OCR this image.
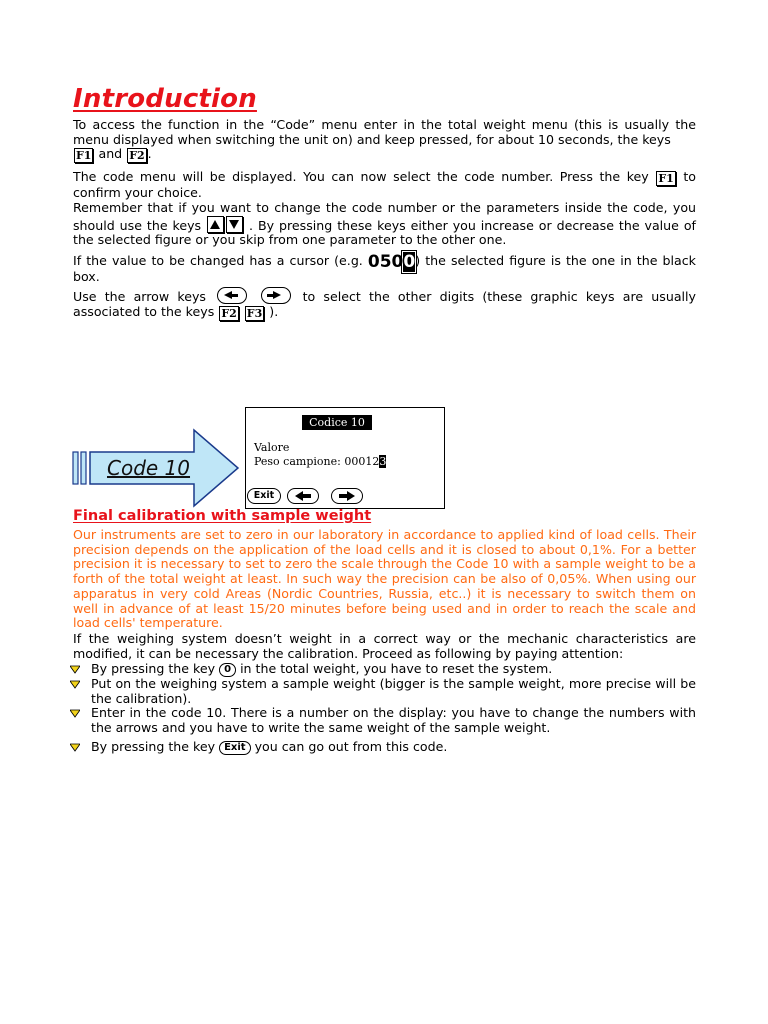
Introduction
To access the function in the “Code” menu enter in the total weight menu (this is usually the menu displayed when switching the unit on) and keep pressed, for about 10 seconds, the keys
F1 and F2 .
The code menu will be displayed. You can now select the code number. Press the key F1 to confirm your choice.
Remember that if you want to change the code number or the parameters inside the code, you should use the keys	. By pressing these keys either you increase or decrease the value of the selected figure or you skip from one parameter to the other one.
If the value to be changed has a cursor (e.g. 0500) the selected figure is the one in the black box.
Use the arrow keys	to select the other digits (these graphic keys are usually associated to the keys F2 F3 ).
Code 10
Codice 10
Valore
Peso campione: 000123
Exit
Final calibration with sample weight
Our instruments are set to zero in our laboratory in accordance to applied kind of load cells. Their precision depends on the application of the load cells and it is closed to about 0,1%. For a better precision it is necessary to set to zero the scale through the Code 10 with a sample weight to be a forth of the total weight at least. In such way the precision can be also of 0,05%. When using our apparatus in very cold Areas (Nordic Countries, Russia, etc..) it is necessary to switch them on well in advance of at least 15/20 minutes before being used and in order to reach the scale and load cells' temperature.
If the weighing system doesn’t weight in a correct way or the mechanic characteristics are modified, it can be necessary the calibration. Proceed as following by paying attention:
By pressing the key 0 in the total weight, you have to reset the system.
Put on the weighing system a sample weight (bigger is the sample weight, more precise will be the calibration).
Enter in the code 10. There is a number on the display: you have to change the numbers with the arrows and you have to write the same weight of the sample weight.
By pressing the key Exit you can go out from this code.
